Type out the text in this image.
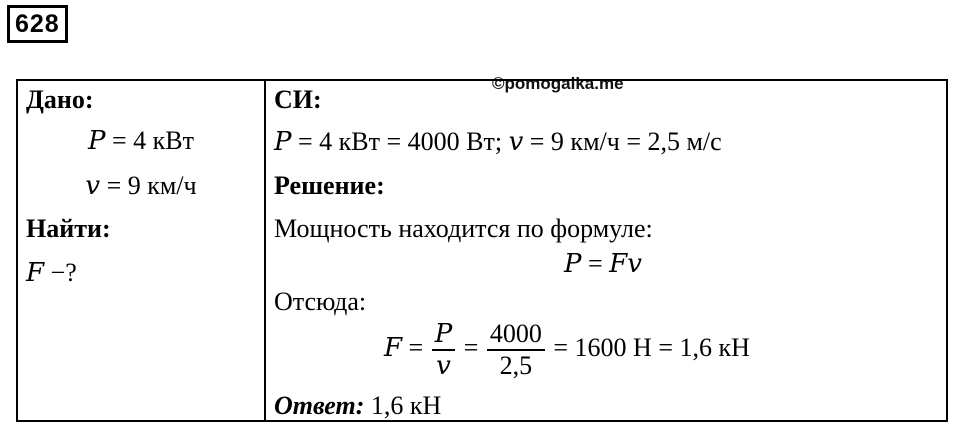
628
©pomogalka.me
Дано:
𝑃 = 4 кВт
𝑣 = 9 км/ч
Найти:
𝐹 −?
СИ:
𝑃 = 4 кВт = 4000 Вт; 𝑣 = 9 км/ч = 2,5 м/с
Решение:
Мощность находится по формуле:
𝑃 = 𝐹𝑣
Отсюда:
𝐹 = $\frac{\text{𝑃}}{\text{𝑣}} = \frac{4000}{2,5} = 1600$ Н = 1,6 кН
Ответ: 1,6 кН
